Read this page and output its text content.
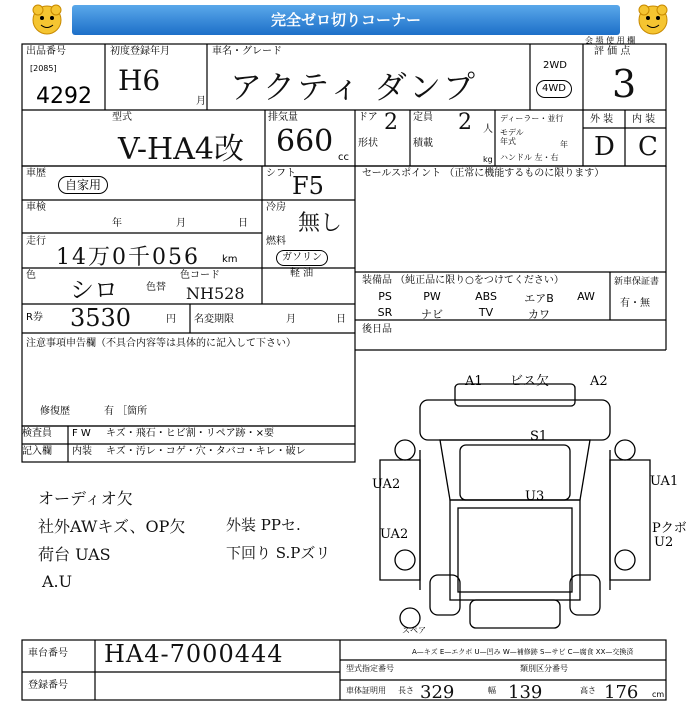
完全ゼロ切りコーナー
会 場 使 用 欄
出品番号
[2085]
4292
初度登録年月
H6
月
車名・グレード
アクティ ダンプ
2WD
4WD
評 価 点
3
型式
V-HA4改
排気量
660 cc
ドア 2 定員 2 人
形状	積載
kg
ディーラー・並行
モデル年式	年
ハンドル 左・右
外 装 内 装
D C
車歴
自家用
車検
年	月	日
走行
14万0千056 km
色
シロ	色替
色コード
NH528
シフト
F5
冷房
無し
燃料
ガソリン
軽 油
R券 3530	円 名変期限	月	日
セールスポイント （正常に機能するものに限ります）
装備品 （純正品に限り○をつけてください）	新車保証書
有・無
PS	PW	ABS	エアB	AW
SR	ナビ	TV	カワ
後日品
注意事項申告欄（不具合内容等は具体的に記入して下さい）
修復歴	有 ［箇所
検査員
記入欄
F W キズ・飛石・ヒビ割・リペア跡・×要
内装 キズ・汚レ・コゲ・穴・タバコ・キレ・破レ
オーディオ欠
社外AWキズ、OP欠
荷台 UAS
A.U
外装 PPセ.
下回り S.Pズリ
A1 ビス欠	A2
S1
U3
UA2
UA2
UA1
Pクボ
U2
スペア
A—キズ E—エクボ U—凹み W—補修跡 S—サビ C—腐食 XX—交換済
車台番号 HA4-7000444
登録番号
型式指定番号	類別区分番号
車体証明用 長さ 329	幅 139	高さ 176 cm
